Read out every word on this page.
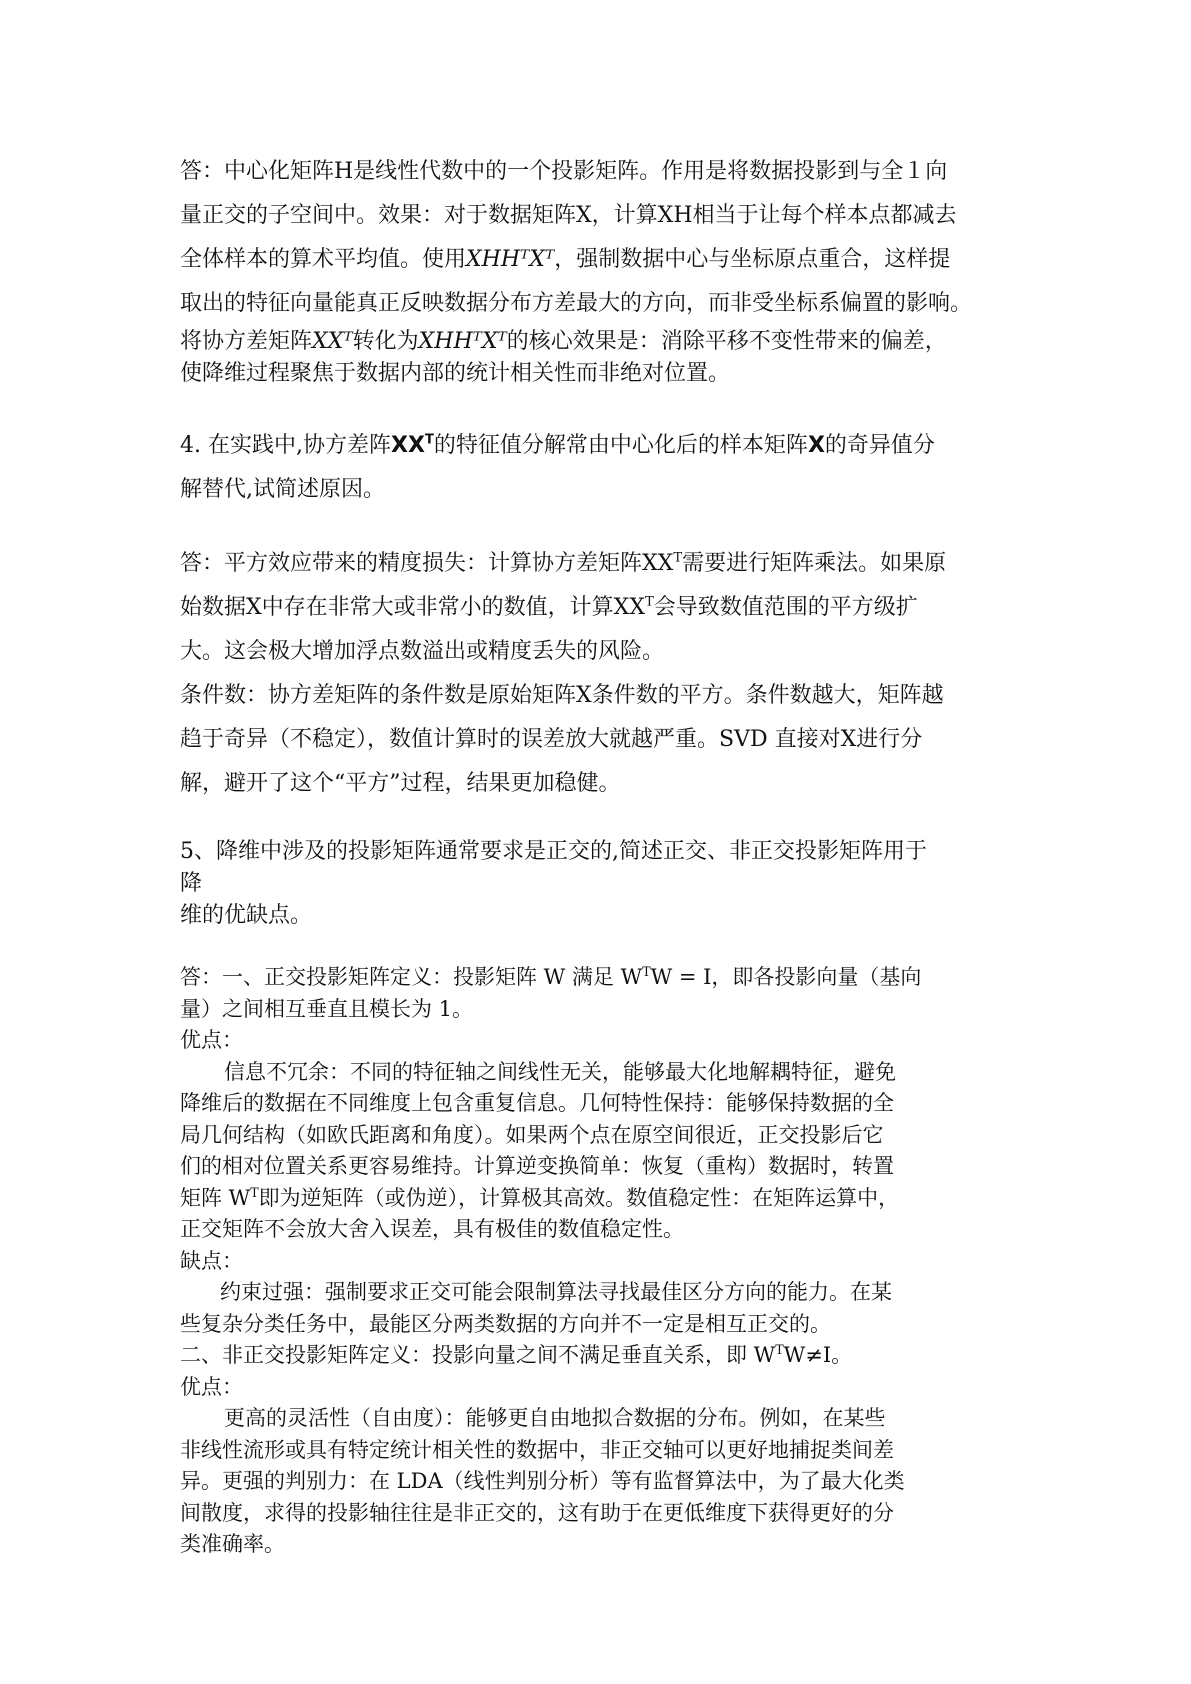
答：中心化矩阵H是线性代数中的一个投影矩阵。作用是将数据投影到与全１向
量正交的子空间中。效果：对于数据矩阵X，计算XH相当于让每个样本点都减去
全体样本的算术平均值。使用XHHᵀXᵀ，强制数据中心与坐标原点重合，这样提
取出的特征向量能真正反映数据分布方差最大的方向，而非受坐标系偏置的影响。
将协方差矩阵XXᵀ转化为XHHᵀXᵀ的核心效果是：消除平移不变性带来的偏差，
使降维过程聚焦于数据内部的统计相关性而非绝对位置。
4. 在实践中,协方差阵$XX^T$的特征值分解常由中心化后的样本矩阵X的奇异值分
解替代,试简述原因。
答：平方效应带来的精度损失：计算协方差矩阵$XX^T$需要进行矩阵乘法。如果原
始数据X中存在非常大或非常小的数值，计算$XX^T$会导致数值范围的平方级扩
大。这会极大增加浮点数溢出或精度丢失的风险。
条件数：协方差矩阵的条件数是原始矩阵X条件数的平方。条件数越大，矩阵越
趋于奇异（不稳定），数值计算时的误差放大就越严重。SVD 直接对X进行分
解，避开了这个“平方”过程，结果更加稳健。
5、降维中涉及的投影矩阵通常要求是正交的,简述正交、非正交投影矩阵用于
降
维的优缺点。
答：一、正交投影矩阵定义：投影矩阵 W 满足 $W^TW = I$，即各投影向量（基向
量）之间相互垂直且模长为 1。
优点：
信息不冗余：不同的特征轴之间线性无关，能够最大化地解耦特征，避免
降维后的数据在不同维度上包含重复信息。几何特性保持：能够保持数据的全
局几何结构（如欧氏距离和角度）。如果两个点在原空间很近，正交投影后它
们的相对位置关系更容易维持。计算逆变换简单：恢复（重构）数据时，转置
矩阵 $W^T$即为逆矩阵（或伪逆），计算极其高效。数值稳定性：在矩阵运算中，
正交矩阵不会放大舍入误差，具有极佳的数值稳定性。
缺点：
约束过强：强制要求正交可能会限制算法寻找最佳区分方向的能力。在某
些复杂分类任务中，最能区分两类数据的方向并不一定是相互正交的。
二、非正交投影矩阵定义：投影向量之间不满足垂直关系，即 $W^TW\ne I$。
优点：
更高的灵活性（自由度）：能够更自由地拟合数据的分布。例如，在某些
非线性流形或具有特定统计相关性的数据中，非正交轴可以更好地捕捉类间差
异。更强的判别力：在 LDA（线性判别分析）等有监督算法中，为了最大化类
间散度，求得的投影轴往往是非正交的，这有助于在更低维度下获得更好的分
类准确率。
